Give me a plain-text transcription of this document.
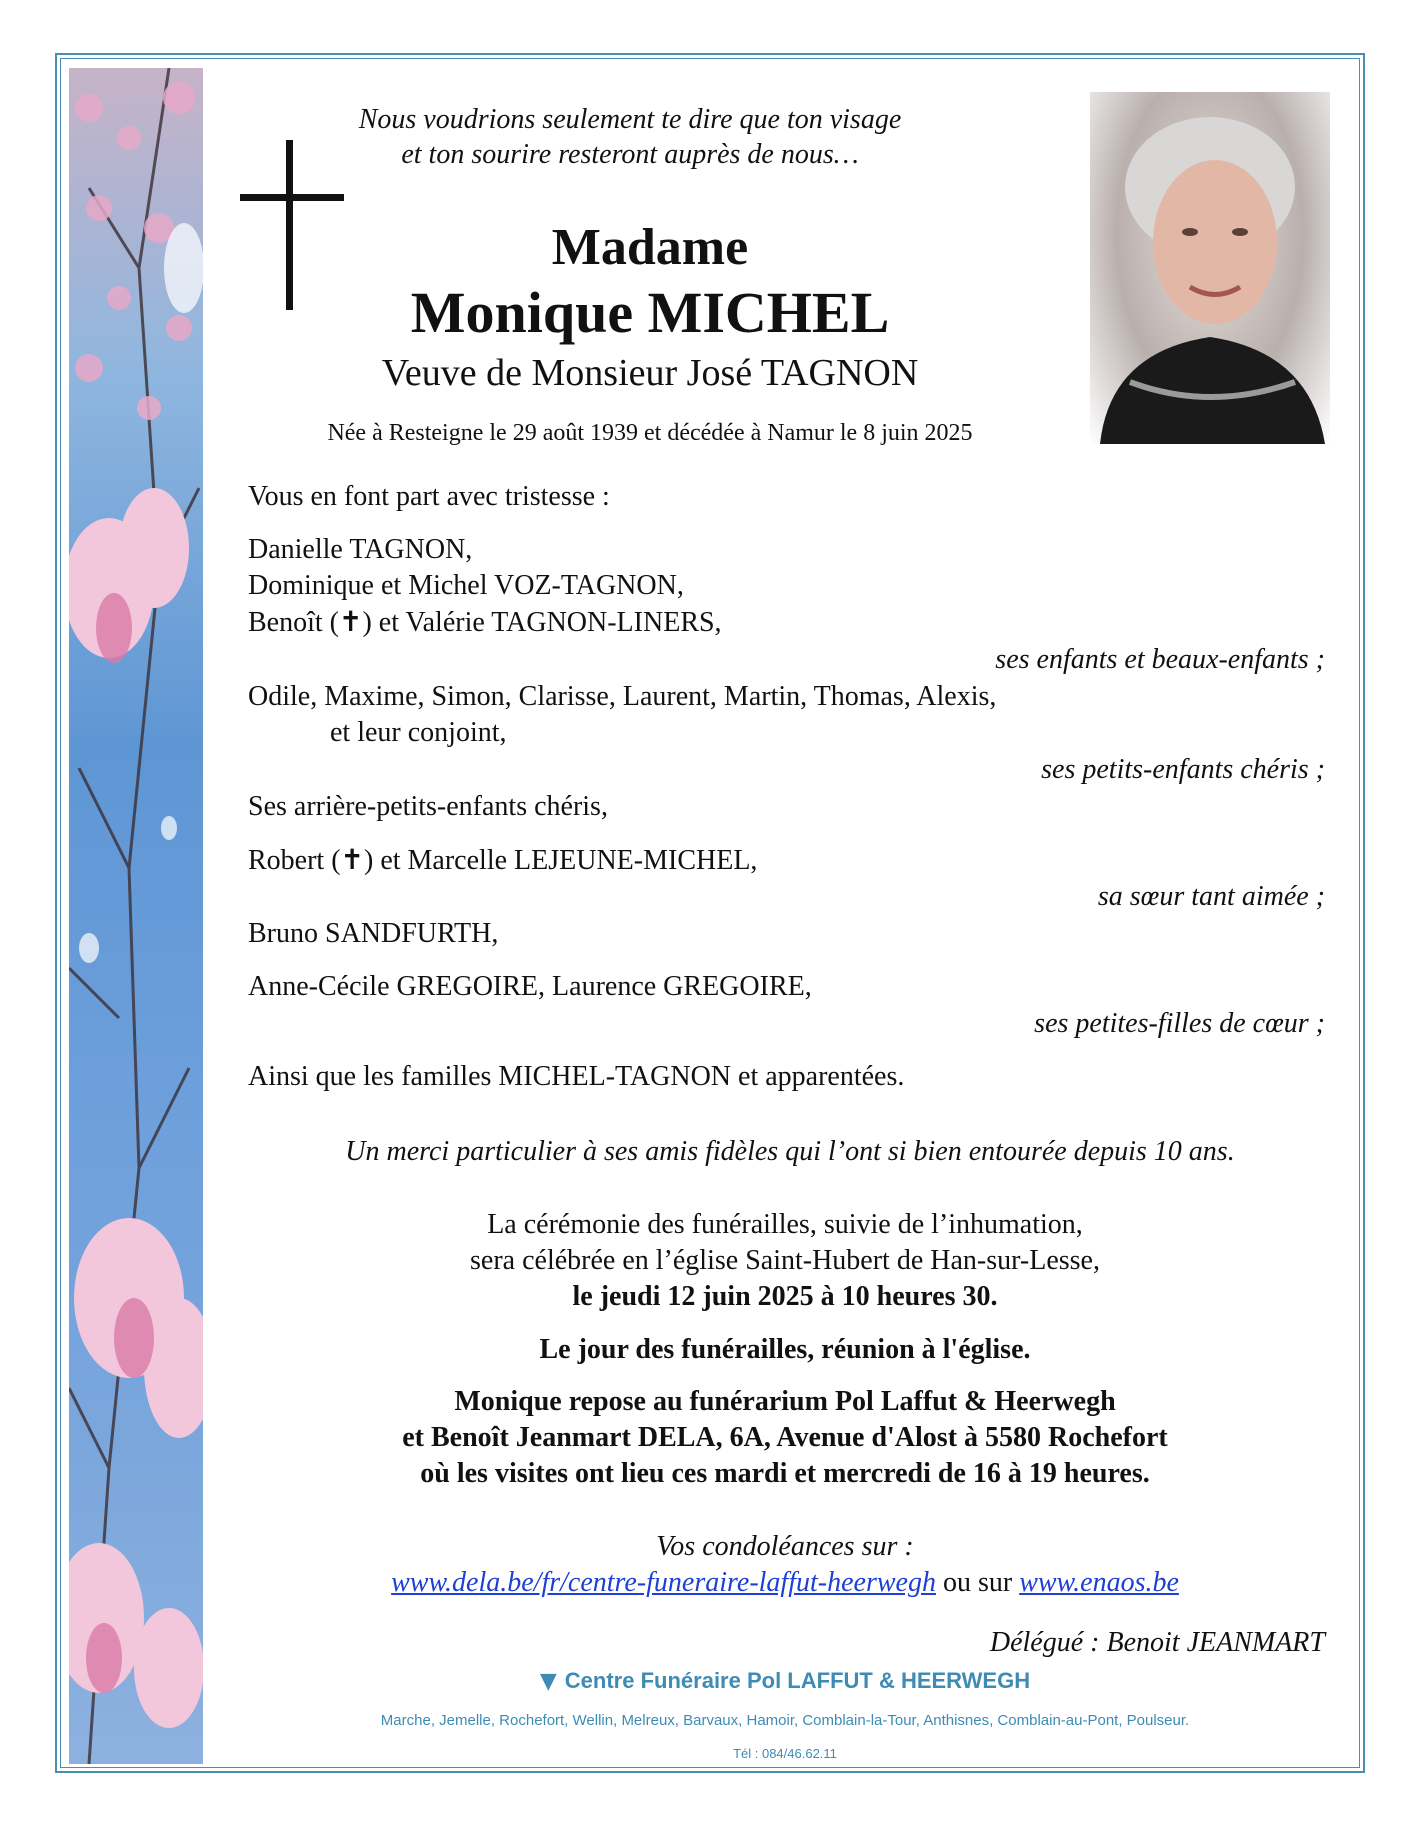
Nous voudrions seulement te dire que ton visage
et ton sourire resteront auprès de nous…
Madame
Monique MICHEL
Veuve de Monsieur José TAGNON
Née à Resteigne le 29 août 1939 et décédée à Namur le 8 juin 2025
Vous en font part avec tristesse :
Danielle TAGNON,
Dominique et Michel VOZ-TAGNON,
Benoît (✝) et Valérie TAGNON-LINERS,
ses enfants et beaux-enfants ;
Odile, Maxime, Simon, Clarisse, Laurent, Martin, Thomas, Alexis,
et leur conjoint,
ses petits-enfants chéris ;
Ses arrière-petits-enfants chéris,
Robert (✝) et Marcelle LEJEUNE-MICHEL,
sa sœur tant aimée ;
Bruno SANDFURTH,
Anne-Cécile GREGOIRE, Laurence GREGOIRE,
ses petites-filles de cœur ;
Ainsi que les familles MICHEL-TAGNON et apparentées.
Un merci particulier à ses amis fidèles qui l’ont si bien entourée depuis 10 ans.
La cérémonie des funérailles, suivie de l’inhumation,
sera célébrée en l’église Saint-Hubert de Han-sur-Lesse,
le jeudi 12 juin 2025 à 10 heures 30.
Le jour des funérailles, réunion à l'église.
Monique repose au funérarium Pol Laffut & Heerwegh
et Benoît Jeanmart DELA, 6A, Avenue d'Alost à 5580 Rochefort
où les visites ont lieu ces mardi et mercredi de 16 à 19 heures.
Vos condoléances sur :
www.dela.be/fr/centre-funeraire-laffut-heerwegh ou sur www.enaos.be
Délégué : Benoit JEANMART
▼ Centre Funéraire Pol LAFFUT & HEERWEGH
Marche, Jemelle, Rochefort, Wellin, Melreux, Barvaux, Hamoir, Comblain-la-Tour, Anthisnes, Comblain-au-Pont, Poulseur.
Tél : 084/46.62.11
